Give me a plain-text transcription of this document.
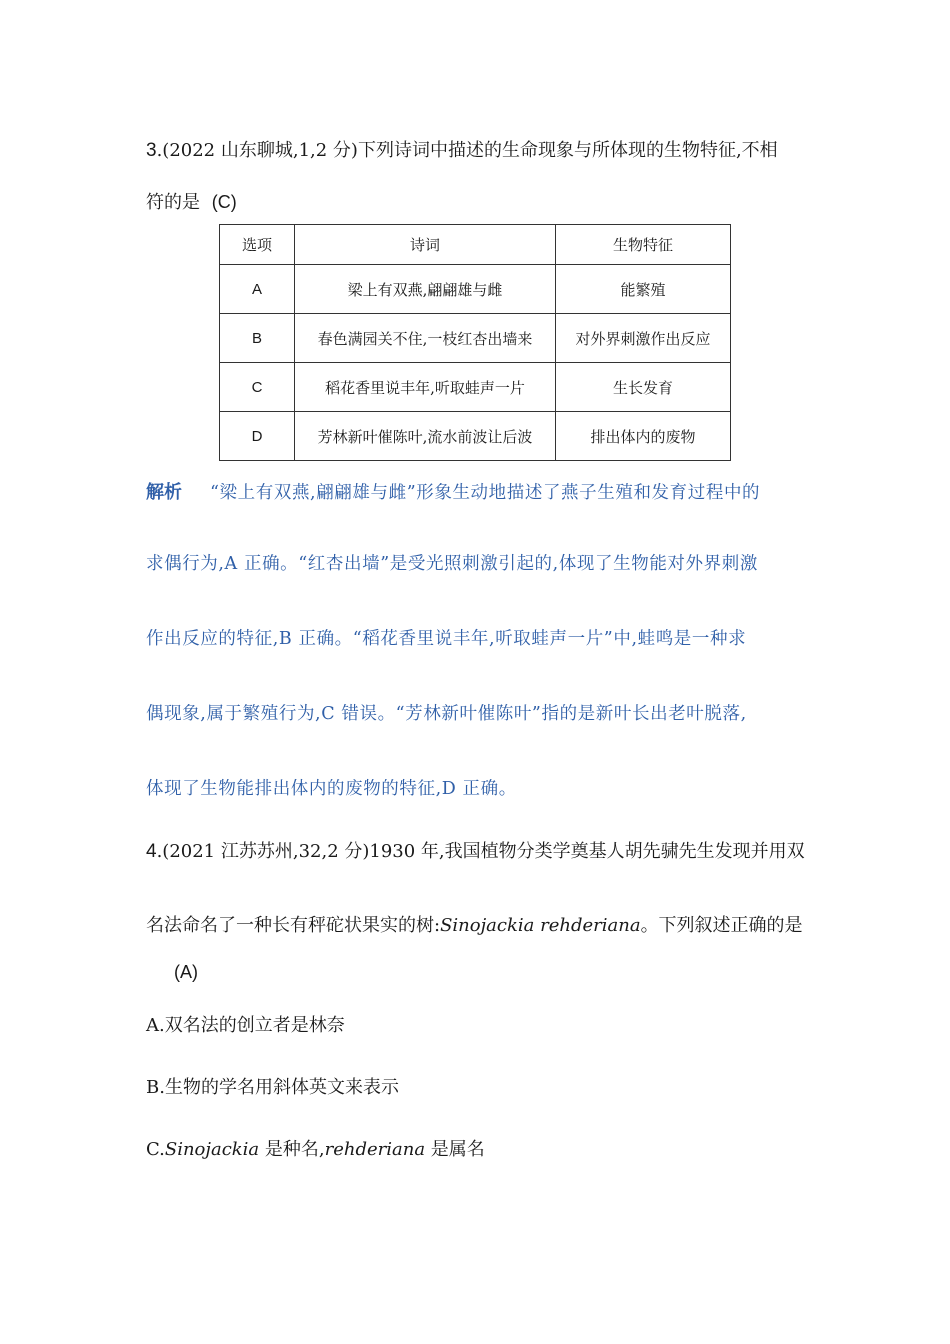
3.(2022 山东聊城,1,2 分)下列诗词中描述的生命现象与所体现的生物特征,不相
符的是 (C)
选项	诗词	生物特征
A	梁上有双燕,翩翩雄与雌	能繁殖
B	春色满园关不住,一枝红杏出墙来	对外界刺激作出反应
C	稻花香里说丰年,听取蛙声一片	生长发育
D	芳林新叶催陈叶,流水前波让后波	排出体内的废物
解析 “梁上有双燕,翩翩雄与雌”形象生动地描述了燕子生殖和发育过程中的
求偶行为,A 正确。“红杏出墙”是受光照刺激引起的,体现了生物能对外界刺激
作出反应的特征,B 正确。“稻花香里说丰年,听取蛙声一片”中,蛙鸣是一种求
偶现象,属于繁殖行为,C 错误。“芳林新叶催陈叶”指的是新叶长出老叶脱落,
体现了生物能排出体内的废物的特征,D 正确。
4.(2021 江苏苏州,32,2 分)1930 年,我国植物分类学奠基人胡先骕先生发现并用双
名法命名了一种长有秤砣状果实的树:Sinojackia rehderiana。下列叙述正确的是
(A)
A.双名法的创立者是林奈
B.生物的学名用斜体英文来表示
C.Sinojackia 是种名,rehderiana 是属名
